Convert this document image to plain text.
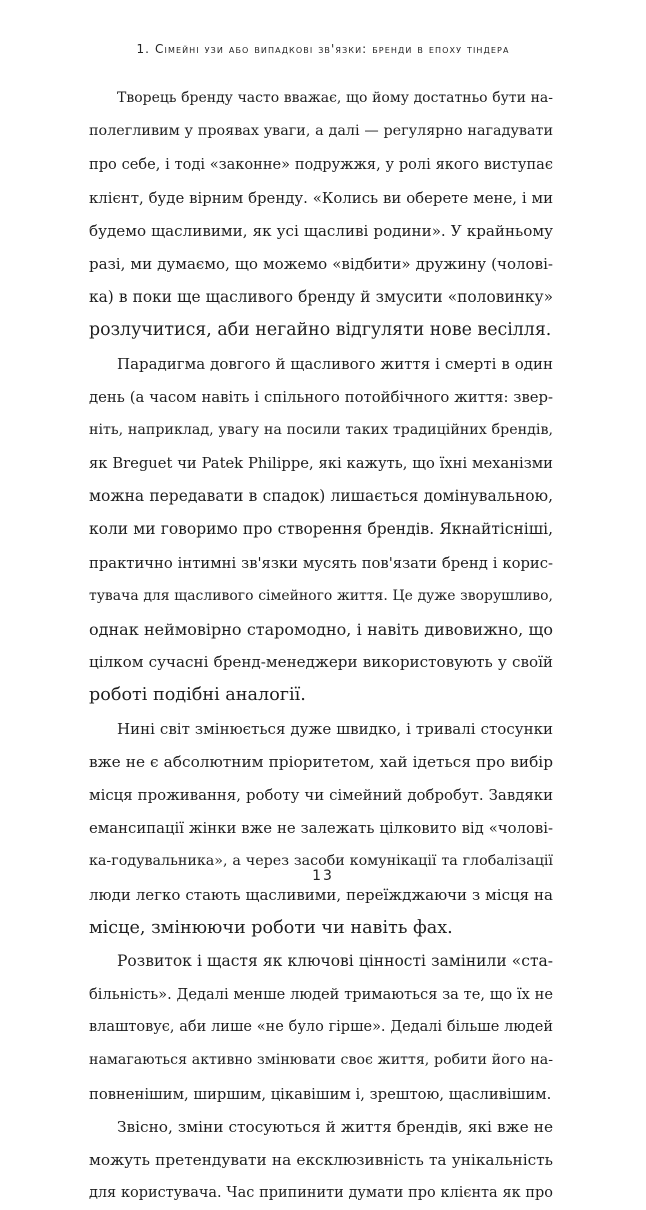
1. Сімейні узи або випадкові зв'язки: бренди в епоху тіндера
Творець бренду часто вважає, що йому достатньо бути на-
полегливим у проявах уваги, а далі — регулярно нагадувати
про себе, і тоді «законне» подружжя, у ролі якого виступає
клієнт, буде вірним бренду. «Колись ви оберете мене, і ми
будемо щасливими, як усі щасливі родини». У крайньому
разі, ми думаємо, що можемо «відбити» дружину (чолові-
ка) в поки ще щасливого бренду й змусити «половинку»
розлучитися, аби негайно відгуляти нове весілля.
Парадигма довгого й щасливого життя і смерті в один
день (а часом навіть і спільного потойбічного життя: звер-
ніть, наприклад, увагу на посили таких традиційних брендів,
як Breguet чи Patek Philippe, які кажуть, що їхні механізми
можна передавати в спадок) лишається домінувальною,
коли ми говоримо про створення брендів. Якнайтісніші,
практично інтимні зв'язки мусять пов'язати бренд і корис-
тувача для щасливого сімейного життя. Це дуже зворушливо,
однак неймовірно старомодно, і навіть дивовижно, що
цілком сучасні бренд-менеджери використовують у своїй
роботі подібні аналогії.
Нині світ змінюється дуже швидко, і тривалі стосунки
вже не є абсолютним пріоритетом, хай ідеться про вибір
місця проживання, роботу чи сімейний добробут. Завдяки
емансипації жінки вже не залежать цілковито від «чолові-
ка-годувальника», а через засоби комунікації та глобалізації
люди легко стають щасливими, переїжджаючи з місця на
місце, змінюючи роботи чи навіть фах.
Розвиток і щастя як ключові цінності замінили «ста-
більність». Дедалі менше людей тримаються за те, що їх не
влаштовує, аби лише «не було гірше». Дедалі більше людей
намагаються активно змінювати своє життя, робити його на-
повненішим, ширшим, цікавішим і, зрештою, щасливішим.
Звісно, зміни стосуються й життя брендів, які вже не
можуть претендувати на ексклюзивність та унікальність
для користувача. Час припинити думати про клієнта як про
13
